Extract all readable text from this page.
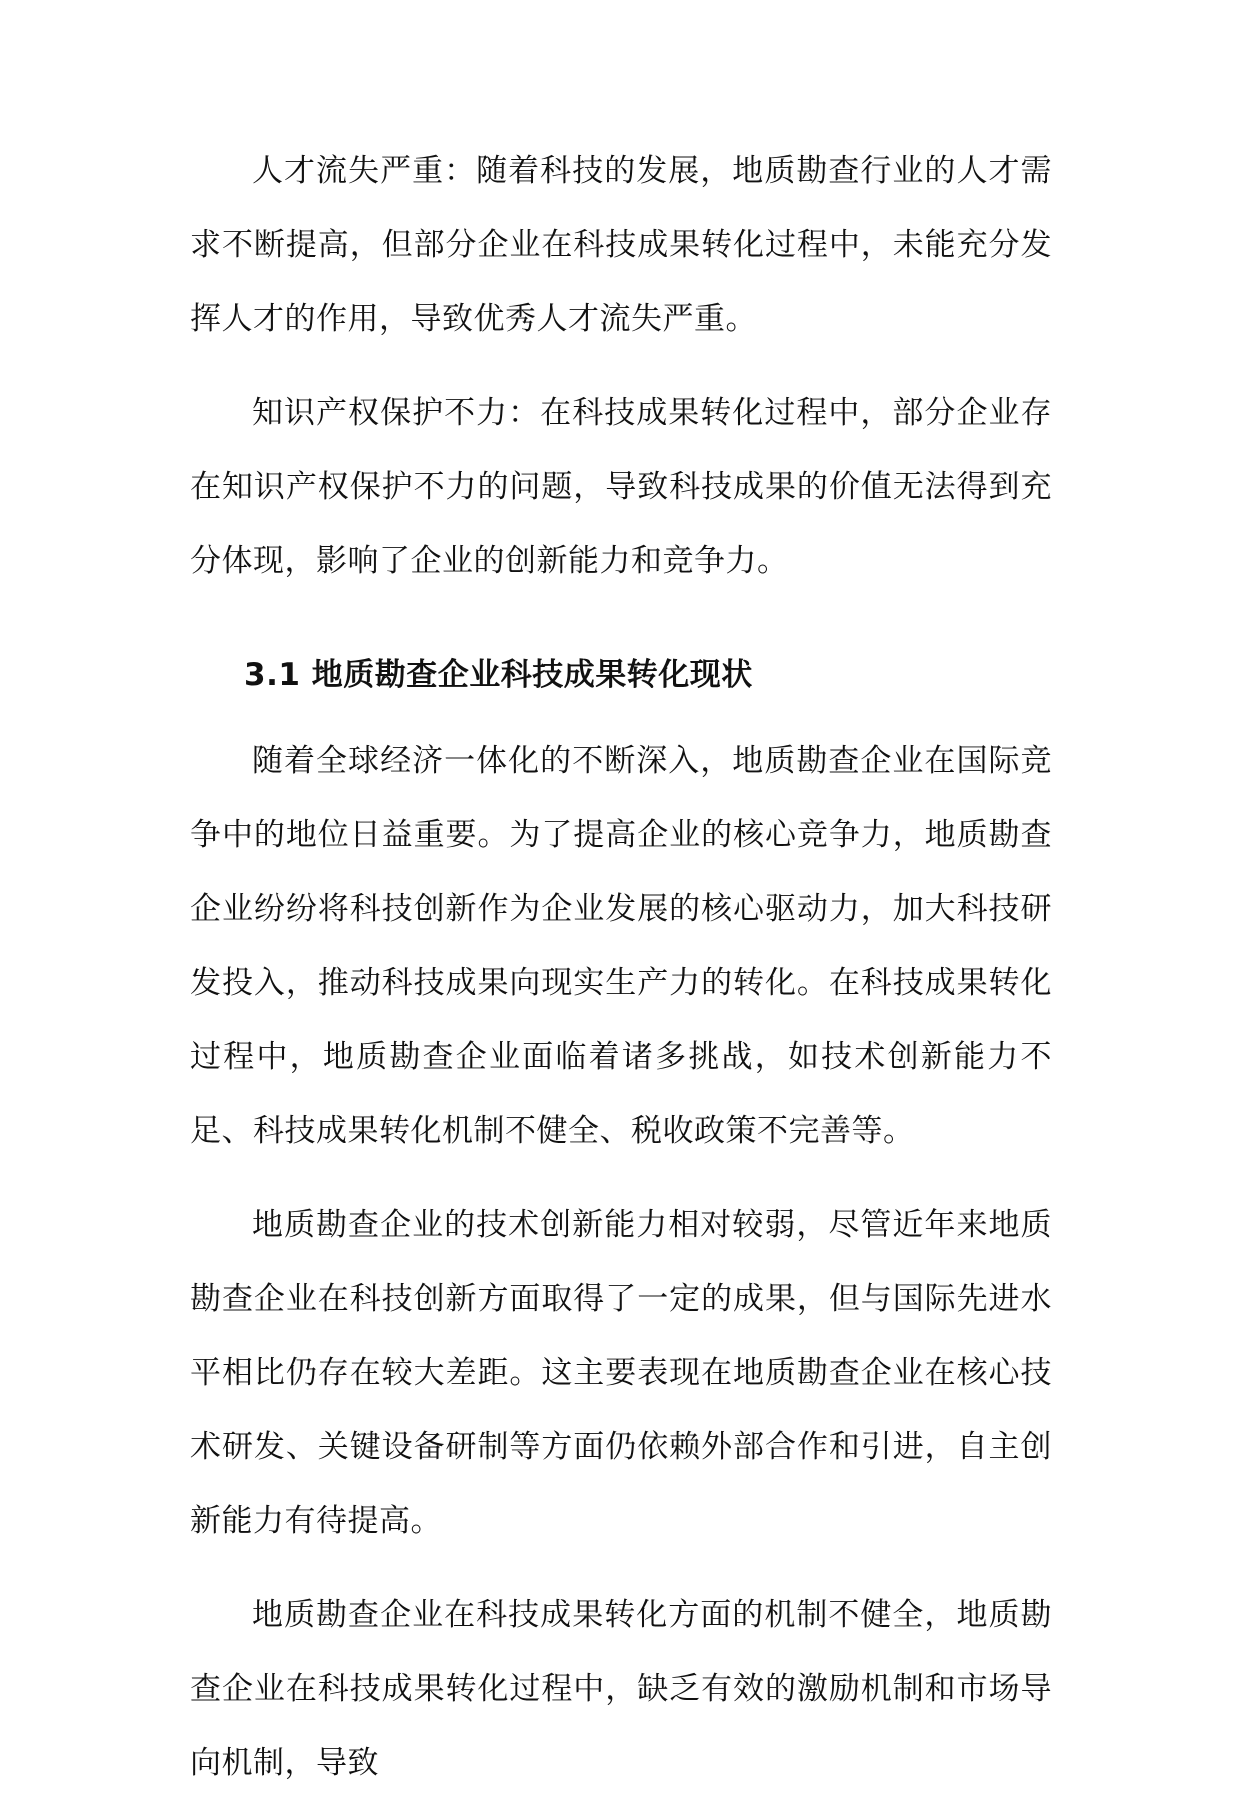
人才流失严重：随着科技的发展，地质勘查行业的人才需求不断提高，但部分企业在科技成果转化过程中，未能充分发挥人才的作用，导致优秀人才流失严重。

知识产权保护不力：在科技成果转化过程中，部分企业存在知识产权保护不力的问题，导致科技成果的价值无法得到充分体现，影响了企业的创新能力和竞争力。

3.1 地质勘查企业科技成果转化现状

随着全球经济一体化的不断深入，地质勘查企业在国际竞争中的地位日益重要。为了提高企业的核心竞争力，地质勘查企业纷纷将科技创新作为企业发展的核心驱动力，加大科技研发投入，推动科技成果向现实生产力的转化。在科技成果转化过程中，地质勘查企业面临着诸多挑战，如技术创新能力不足、科技成果转化机制不健全、税收政策不完善等。

地质勘查企业的技术创新能力相对较弱，尽管近年来地质勘查企业在科技创新方面取得了一定的成果，但与国际先进水平相比仍存在较大差距。这主要表现在地质勘查企业在核心技术研发、关键设备研制等方面仍依赖外部合作和引进，自主创新能力有待提高。

地质勘查企业在科技成果转化方面的机制不健全，地质勘查企业在科技成果转化过程中，缺乏有效的激励机制和市场导向机制，导致
